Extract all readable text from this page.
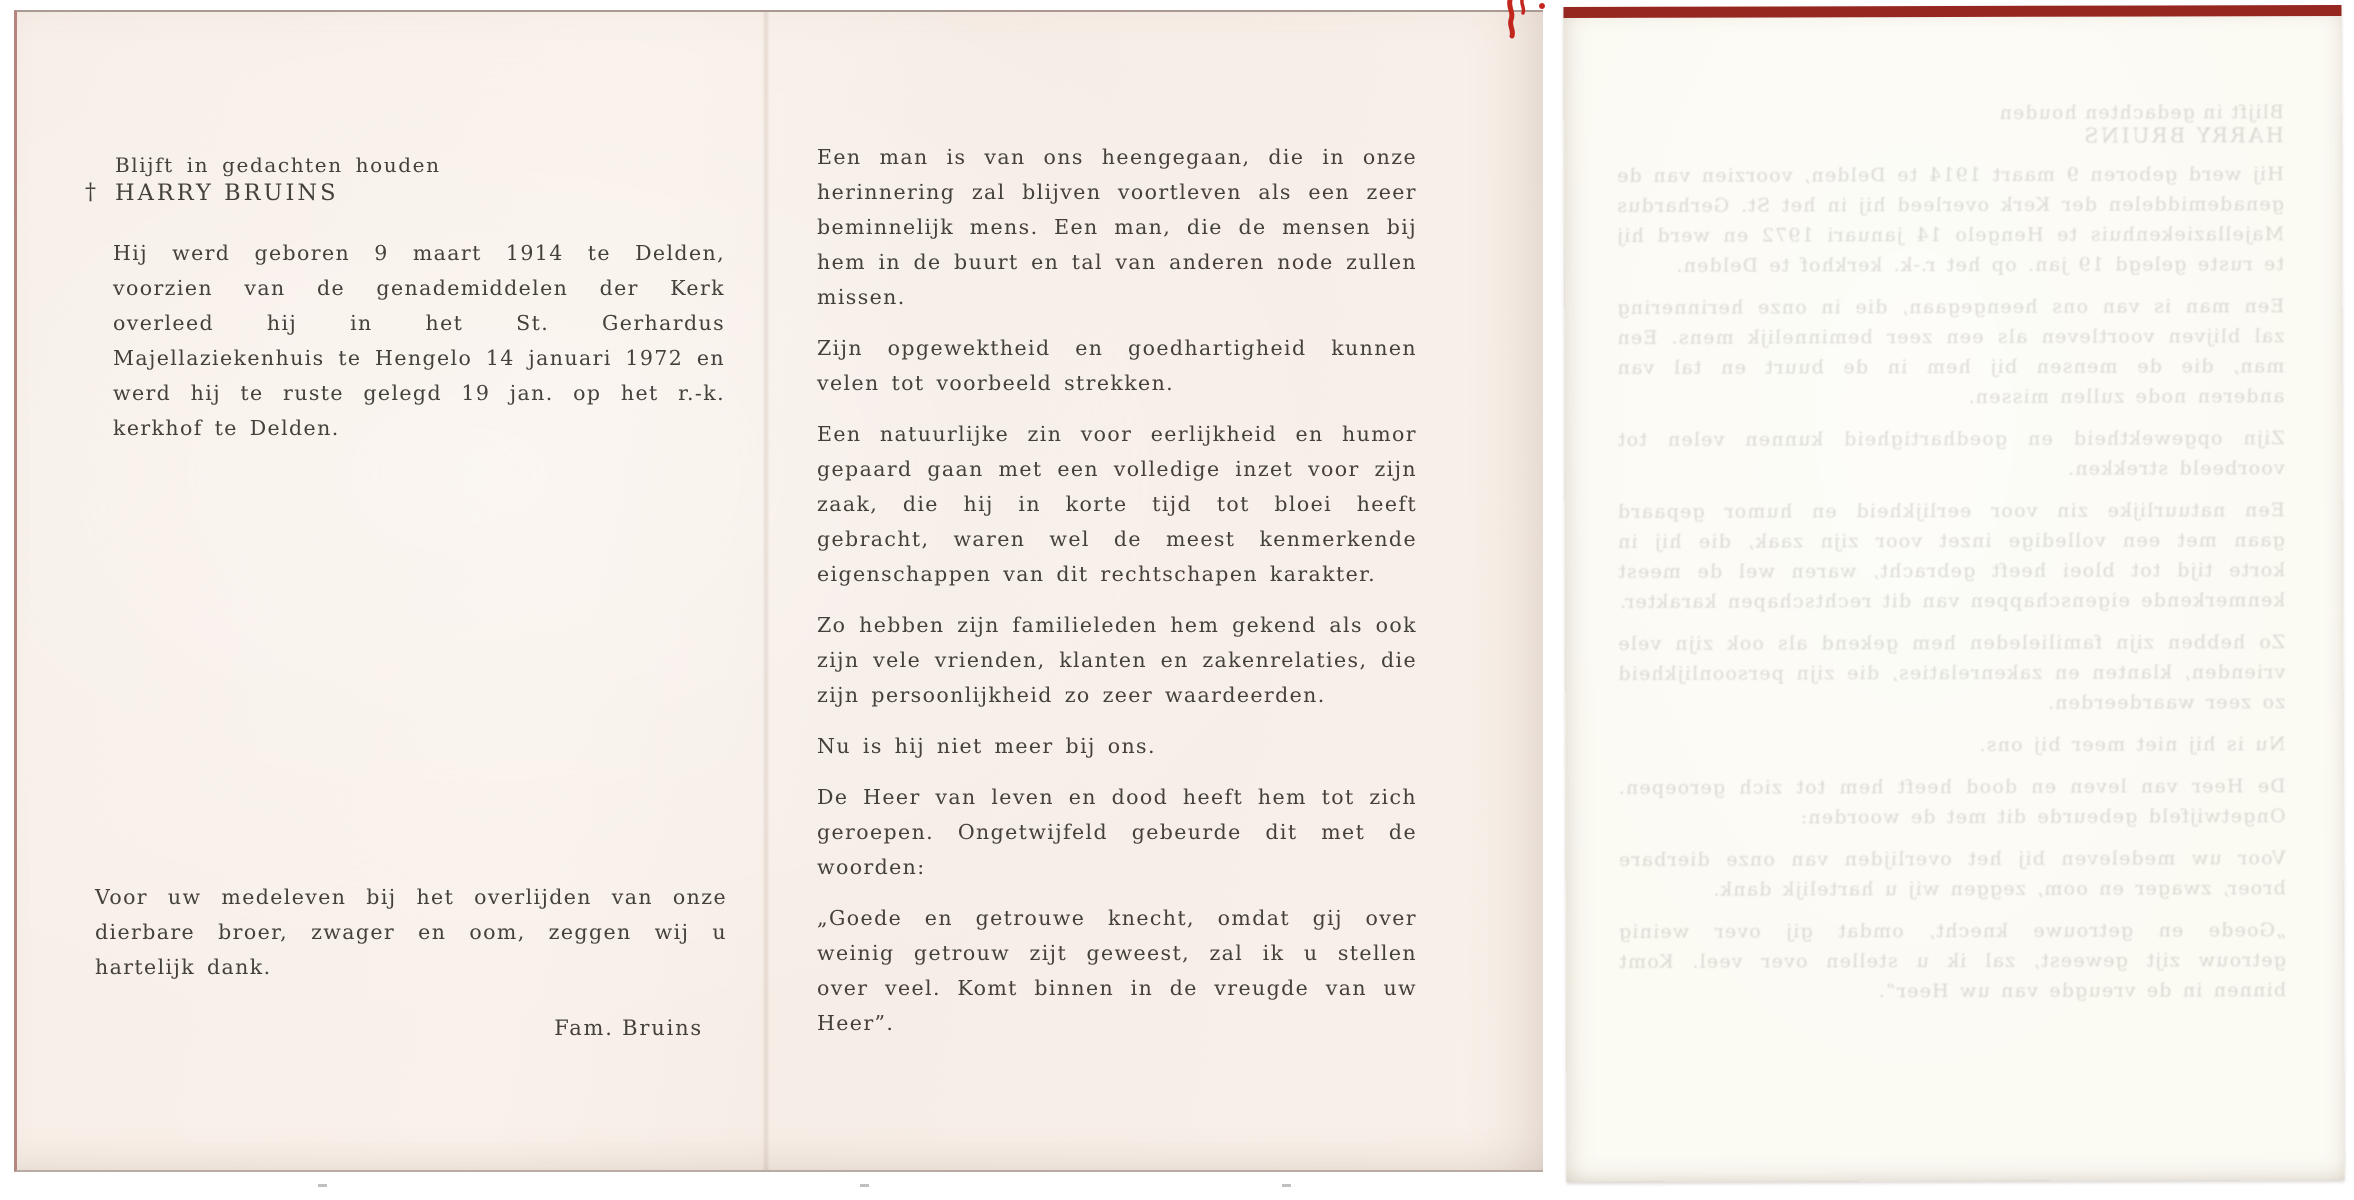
Blijft in gedachten houden

† HARRY BRUINS

Hij werd geboren 9 maart 1914 te Delden, voorzien van de genademiddelen der Kerk overleed hij in het St. Gerhardus Majellaziekenhuis te Hengelo 14 januari 1972 en werd hij te ruste gelegd 19 jan. op het r.-k. kerkhof te Delden.

Voor uw medeleven bij het overlijden van onze dierbare broer, zwager en oom, zeggen wij u hartelijk dank.

Fam. Bruins

Een man is van ons heengegaan, die in onze herinnering zal blijven voortleven als een zeer beminnelijk mens. Een man, die de mensen bij hem in de buurt en tal van anderen node zullen missen.

Zijn opgewektheid en goedhartigheid kunnen velen tot voorbeeld strekken.

Een natuurlijke zin voor eerlijkheid en humor gepaard gaan met een volledige inzet voor zijn zaak, die hij in korte tijd tot bloei heeft gebracht, waren wel de meest kenmerkende eigenschappen van dit rechtschapen karakter.

Zo hebben zijn familieleden hem gekend als ook zijn vele vrienden, klanten en zakenrelaties, die zijn persoonlijkheid zo zeer waardeerden.

Nu is hij niet meer bij ons.

De Heer van leven en dood heeft hem tot zich geroepen. Ongetwijfeld gebeurde dit met de woorden:

„Goede en getrouwe knecht, omdat gij over weinig getrouw zijt geweest, zal ik u stellen over veel. Komt binnen in de vreugde van uw Heer”.

Blijft in gedachten houden

HARRY BRUINS

Hij werd geboren 9 maart 1914 te Delden, voorzien van de genademiddelen der Kerk overleed hij in het St. Gerhardus Majellaziekenhuis te Hengelo 14 januari 1972 en werd hij te ruste gelegd 19 jan. op het r.-k. kerkhof te Delden.

Een man is van ons heengegaan, die in onze herinnering zal blijven voortleven als een zeer beminnelijk mens. Een man, die de mensen bij hem in de buurt en tal van anderen node zullen missen.

Zijn opgewektheid en goedhartigheid kunnen velen tot voorbeeld strekken.

Een natuurlijke zin voor eerlijkheid en humor gepaard gaan met een volledige inzet voor zijn zaak, die hij in korte tijd tot bloei heeft gebracht, waren wel de meest kenmerkende eigenschappen van dit rechtschapen karakter.

Zo hebben zijn familieleden hem gekend als ook zijn vele vrienden, klanten en zakenrelaties, die zijn persoonlijkheid zo zeer waardeerden.

Nu is hij niet meer bij ons.

De Heer van leven en dood heeft hem tot zich geroepen. Ongetwijfeld gebeurde dit met de woorden:

Voor uw medeleven bij het overlijden van onze dierbare broer, zwager en oom, zeggen wij u hartelijk dank.

„Goede en getrouwe knecht, omdat gij over weinig getrouw zijt geweest, zal ik u stellen over veel. Komt binnen in de vreugde van uw Heer”.
